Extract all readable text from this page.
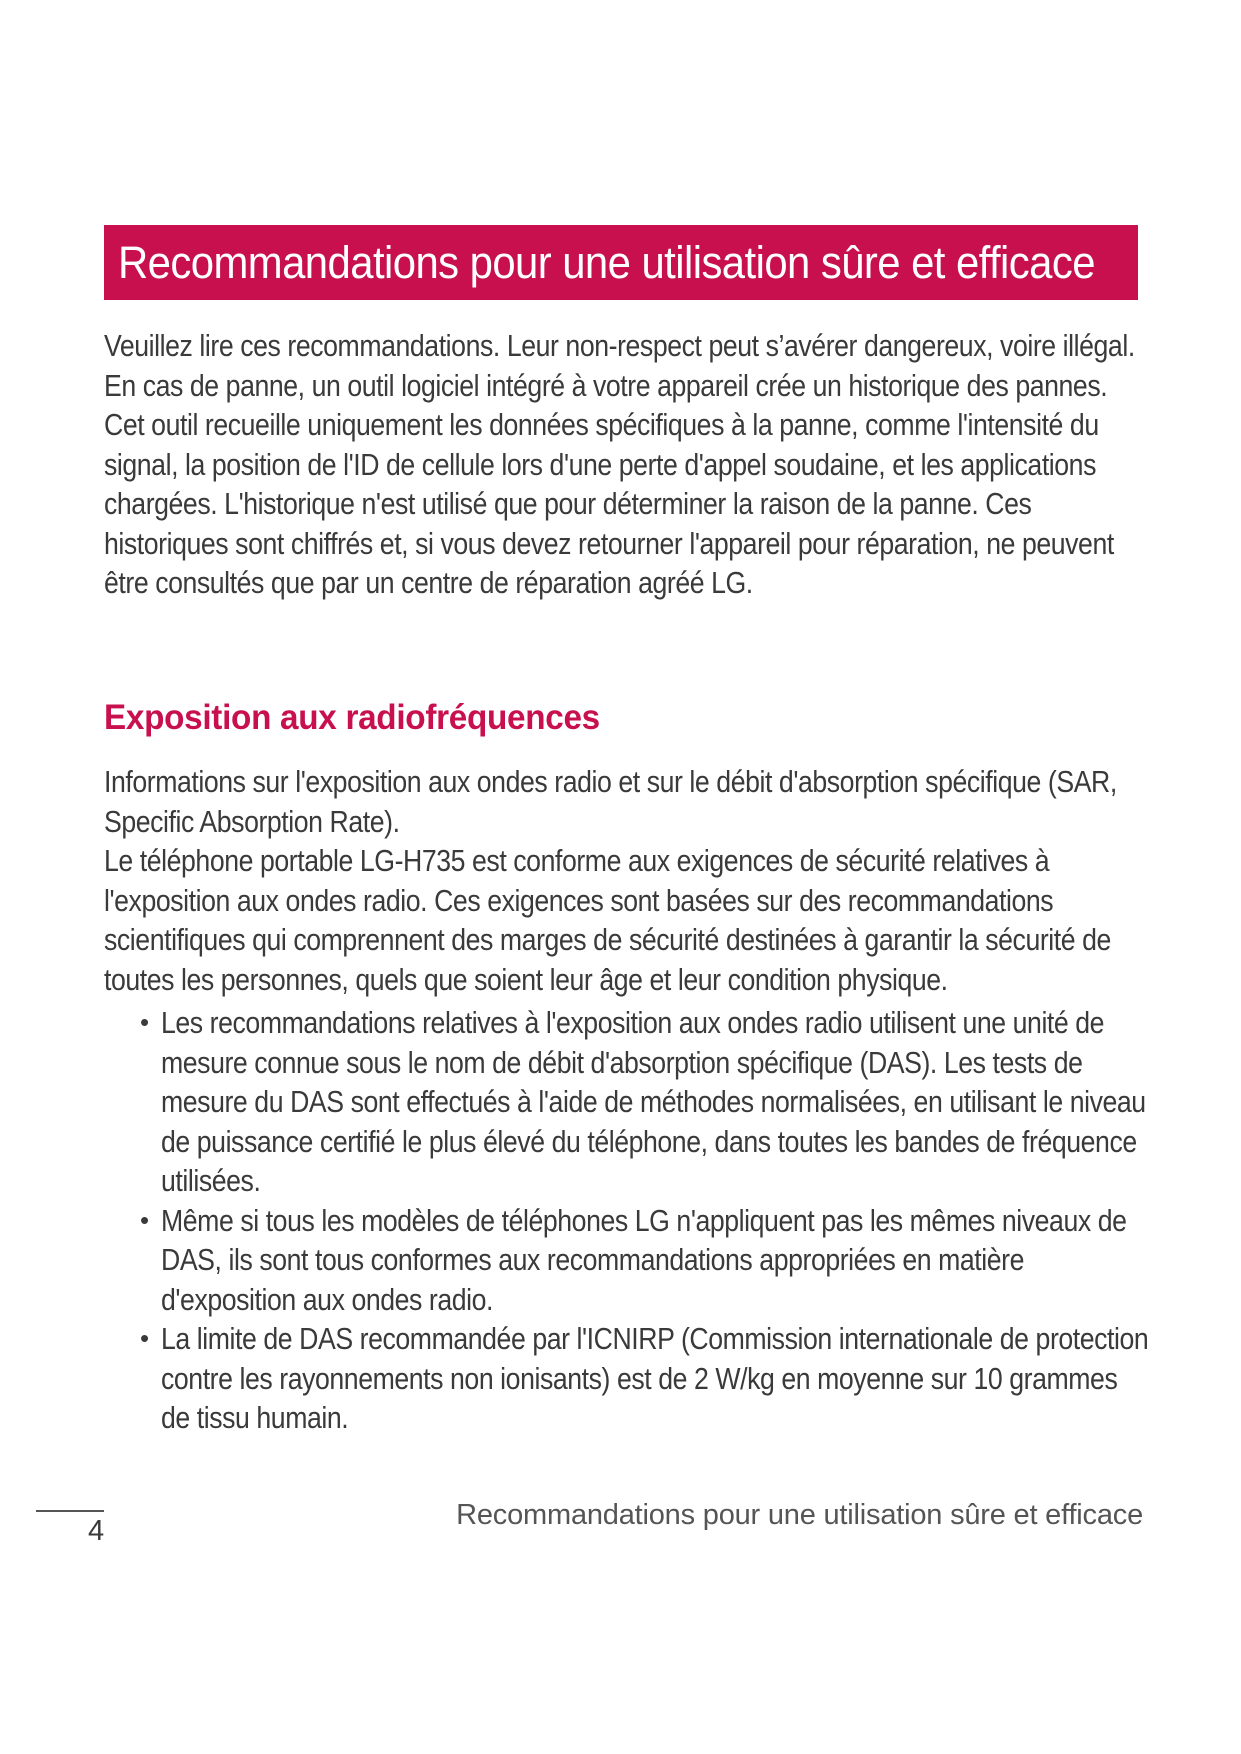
Recommandations pour une utilisation sûre et efficace

Veuillez lire ces recommandations. Leur non-respect peut s’avérer dangereux, voire illégal.

En cas de panne, un outil logiciel intégré à votre appareil crée un historique des pannes. Cet outil recueille uniquement les données spécifiques à la panne, comme l'intensité du signal, la position de l'ID de cellule lors d'une perte d'appel soudaine, et les applications chargées. L'historique n'est utilisé que pour déterminer la raison de la panne. Ces historiques sont chiffrés et, si vous devez retourner l'appareil pour réparation, ne peuvent être consultés que par un centre de réparation agréé LG.

Exposition aux radiofréquences

Informations sur l'exposition aux ondes radio et sur le débit d'absorption spécifique (SAR, Specific Absorption Rate).

Le téléphone portable LG-H735 est conforme aux exigences de sécurité relatives à l'exposition aux ondes radio. Ces exigences sont basées sur des recommandations scientifiques qui comprennent des marges de sécurité destinées à garantir la sécurité de toutes les personnes, quels que soient leur âge et leur condition physique.

• Les recommandations relatives à l'exposition aux ondes radio utilisent une unité de mesure connue sous le nom de débit d'absorption spécifique (DAS). Les tests de mesure du DAS sont effectués à l'aide de méthodes normalisées, en utilisant le niveau de puissance certifié le plus élevé du téléphone, dans toutes les bandes de fréquence utilisées.
• Même si tous les modèles de téléphones LG n'appliquent pas les mêmes niveaux de DAS, ils sont tous conformes aux recommandations appropriées en matière d'exposition aux ondes radio.
• La limite de DAS recommandée par l'ICNIRP (Commission internationale de protection contre les rayonnements non ionisants) est de 2 W/kg en moyenne sur 10 grammes de tissu humain.
4	Recommandations pour une utilisation sûre et efficace
